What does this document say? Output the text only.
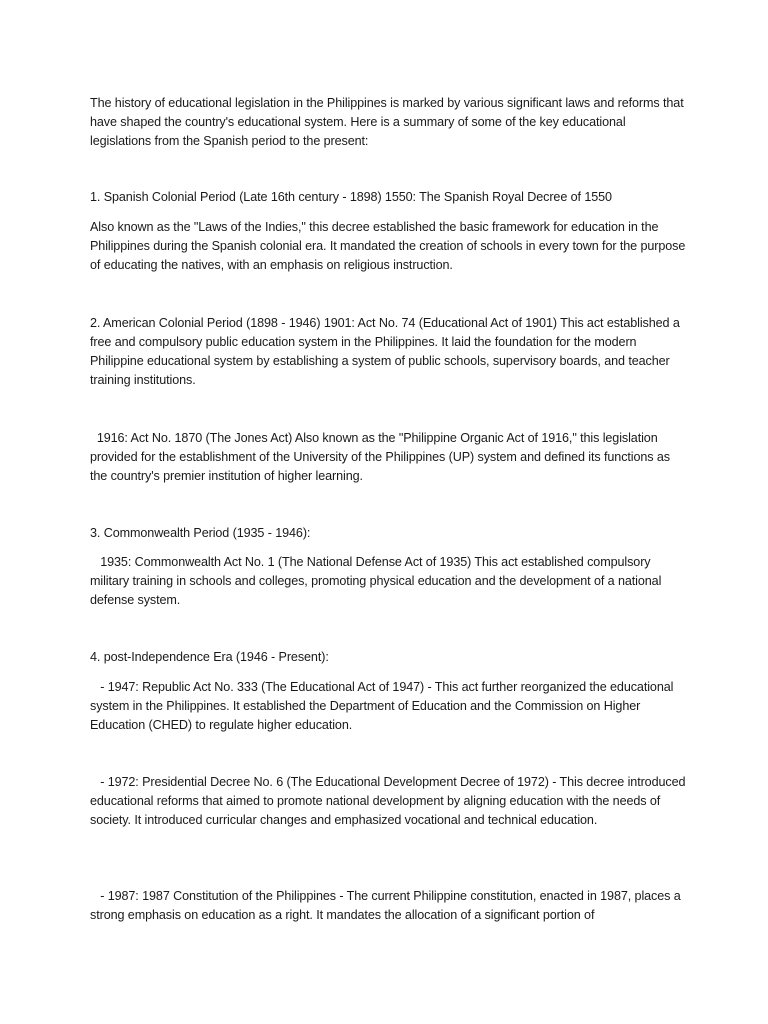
The history of educational legislation in the Philippines is marked by various significant laws and reforms that have shaped the country's educational system. Here is a summary of some of the key educational legislations from the Spanish period to the present:

1. Spanish Colonial Period (Late 16th century - 1898) 1550: The Spanish Royal Decree of 1550

Also known as the "Laws of the Indies," this decree established the basic framework for education in the Philippines during the Spanish colonial era. It mandated the creation of schools in every town for the purpose of educating the natives, with an emphasis on religious instruction.

2. American Colonial Period (1898 - 1946) 1901: Act No. 74 (Educational Act of 1901) This act established a free and compulsory public education system in the Philippines. It laid the foundation for the modern Philippine educational system by establishing a system of public schools, supervisory boards, and teacher training institutions.

1916: Act No. 1870 (The Jones Act) Also known as the "Philippine Organic Act of 1916," this legislation provided for the establishment of the University of the Philippines (UP) system and defined its functions as the country's premier institution of higher learning.

3. Commonwealth Period (1935 - 1946):

1935: Commonwealth Act No. 1 (The National Defense Act of 1935) This act established compulsory military training in schools and colleges, promoting physical education and the development of a national defense system.

4. post-Independence Era (1946 - Present):

- 1947: Republic Act No. 333 (The Educational Act of 1947) - This act further reorganized the educational system in the Philippines. It established the Department of Education and the Commission on Higher Education (CHED) to regulate higher education.

- 1972: Presidential Decree No. 6 (The Educational Development Decree of 1972) - This decree introduced educational reforms that aimed to promote national development by aligning education with the needs of society. It introduced curricular changes and emphasized vocational and technical education.

- 1987: 1987 Constitution of the Philippines - The current Philippine constitution, enacted in 1987, places a strong emphasis on education as a right. It mandates the allocation of a significant portion of
